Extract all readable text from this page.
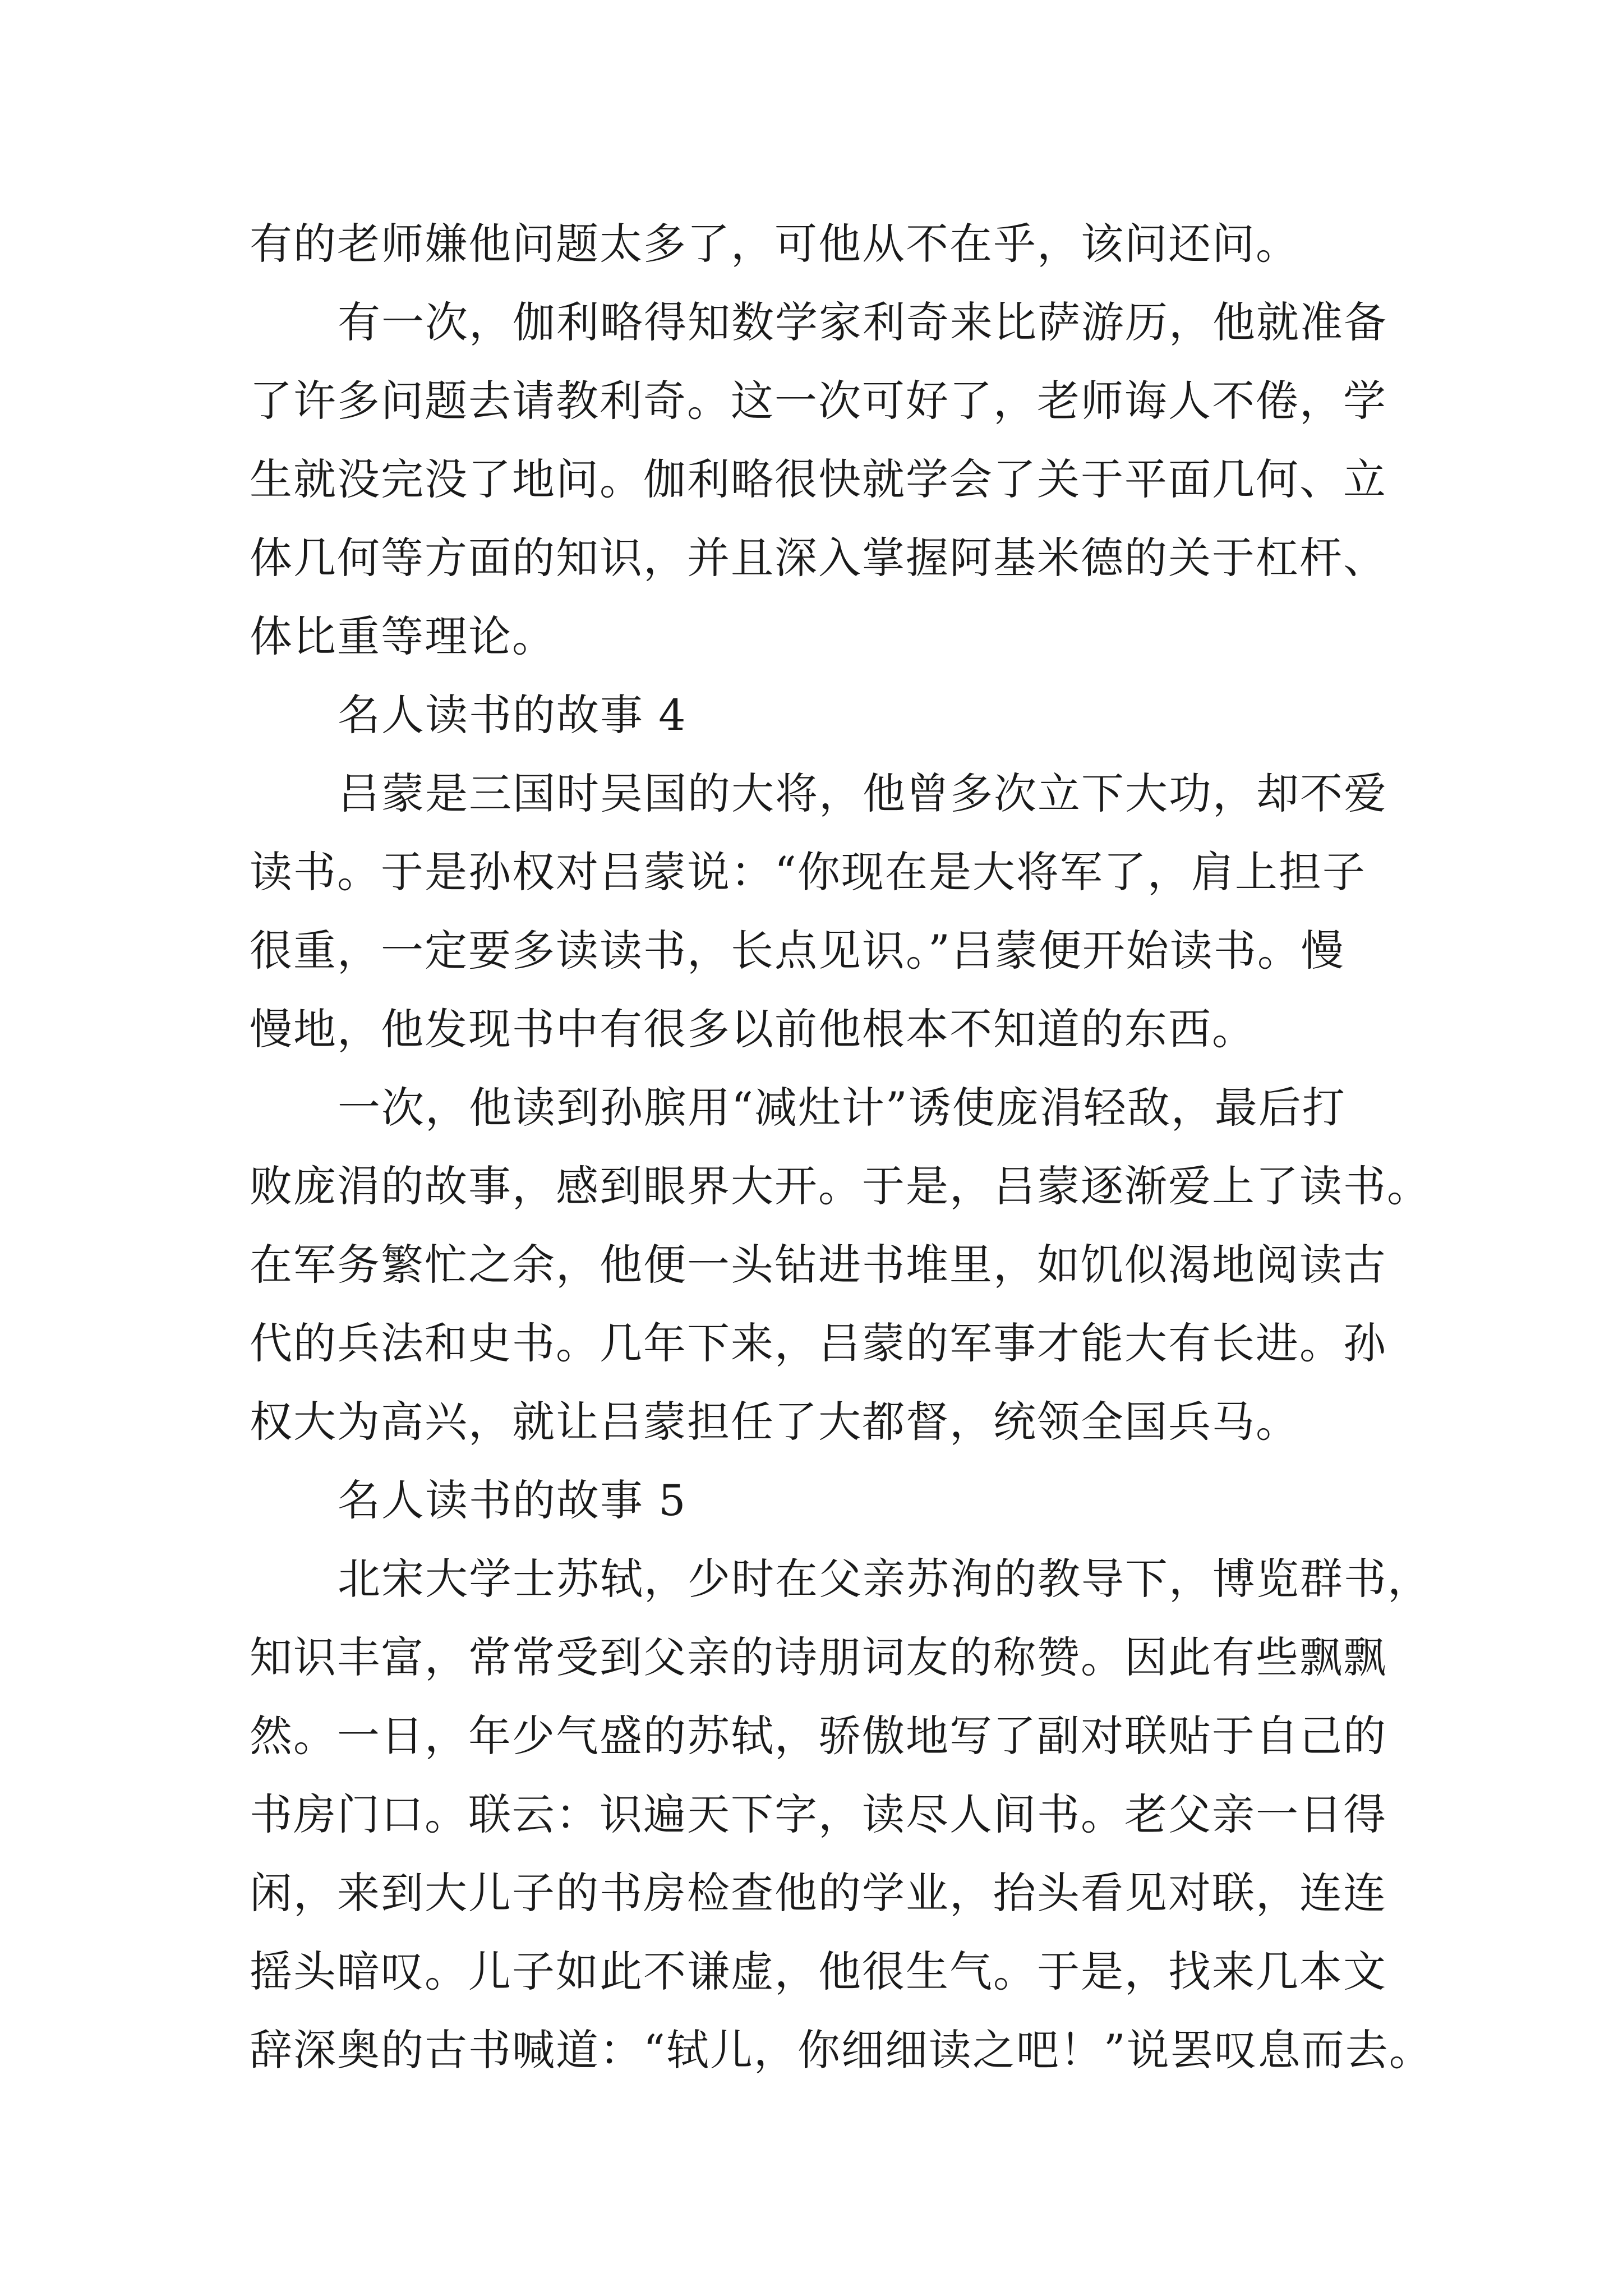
有的老师嫌他问题太多了，可他从不在乎，该问还问。

有一次，伽利略得知数学家利奇来比萨游历，他就准备

了许多问题去请教利奇。这一次可好了，老师诲人不倦，学

生就没完没了地问。伽利略很快就学会了关于平面几何、立

体几何等方面的知识，并且深入掌握阿基米德的关于杠杆、

体比重等理论。

名人读书的故事 4

吕蒙是三国时吴国的大将，他曾多次立下大功，却不爱

读书。于是孙权对吕蒙说：“你现在是大将军了，肩上担子

很重，一定要多读读书，长点见识。”吕蒙便开始读书。慢

慢地，他发现书中有很多以前他根本不知道的东西。

一次，他读到孙膑用“减灶计”诱使庞涓轻敌，最后打

败庞涓的故事，感到眼界大开。于是，吕蒙逐渐爱上了读书。

在军务繁忙之余，他便一头钻进书堆里，如饥似渴地阅读古

代的兵法和史书。几年下来，吕蒙的军事才能大有长进。孙

权大为高兴，就让吕蒙担任了大都督，统领全国兵马。

名人读书的故事 5

北宋大学士苏轼，少时在父亲苏洵的教导下，博览群书，

知识丰富，常常受到父亲的诗朋词友的称赞。因此有些飘飘

然。一日，年少气盛的苏轼，骄傲地写了副对联贴于自己的

书房门口。联云：识遍天下字，读尽人间书。老父亲一日得

闲，来到大儿子的书房检查他的学业，抬头看见对联，连连

摇头暗叹。儿子如此不谦虚，他很生气。于是，找来几本文

辞深奥的古书喊道：“轼儿，你细细读之吧！”说罢叹息而去。
